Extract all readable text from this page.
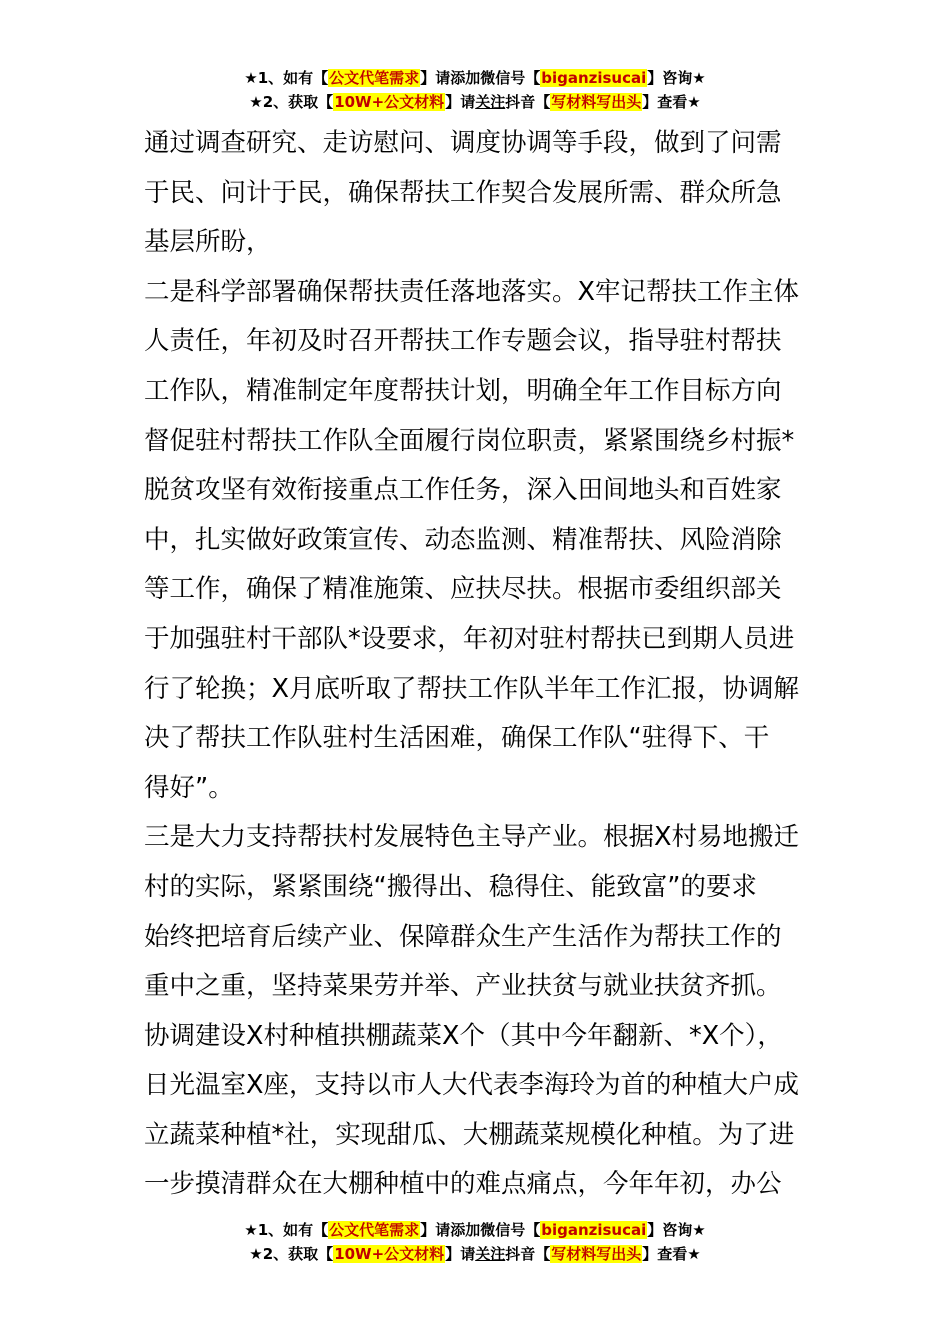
★1、如有【公文代笔需求】请添加微信号【biganzisucai】咨询★
★2、获取【10W+公文材料】请关注抖音【写材料写出头】查看★
通过调查研究、走访慰问、调度协调等手段，做到了问需
于民、问计于民，确保帮扶工作契合发展所需、群众所急
基层所盼，
二是科学部署确保帮扶责任落地落实。X牢记帮扶工作主体
人责任，年初及时召开帮扶工作专题会议，指导驻村帮扶
工作队，精准制定年度帮扶计划，明确全年工作目标方向
督促驻村帮扶工作队全面履行岗位职责，紧紧围绕乡村振*
脱贫攻坚有效衔接重点工作任务，深入田间地头和百姓家
中，扎实做好政策宣传、动态监测、精准帮扶、风险消除
等工作，确保了精准施策、应扶尽扶。根据市委组织部关
于加强驻村干部队*设要求，年初对驻村帮扶已到期人员进
行了轮换；X月底听取了帮扶工作队半年工作汇报，协调解
决了帮扶工作队驻村生活困难，确保工作队“驻得下、干
得好”。
三是大力支持帮扶村发展特色主导产业。根据X村易地搬迁
村的实际，紧紧围绕“搬得出、稳得住、能致富”的要求
始终把培育后续产业、保障群众生产生活作为帮扶工作的
重中之重，坚持菜果劳并举、产业扶贫与就业扶贫齐抓。
协调建设X村种植拱棚蔬菜X个（其中今年翻新、*X个），
日光温室X座，支持以市人大代表李海玲为首的种植大户成
立蔬菜种植*社，实现甜瓜、大棚蔬菜规模化种植。为了进
一步摸清群众在大棚种植中的难点痛点，今年年初，办公
★1、如有【公文代笔需求】请添加微信号【biganzisucai】咨询★
★2、获取【10W+公文材料】请关注抖音【写材料写出头】查看★
